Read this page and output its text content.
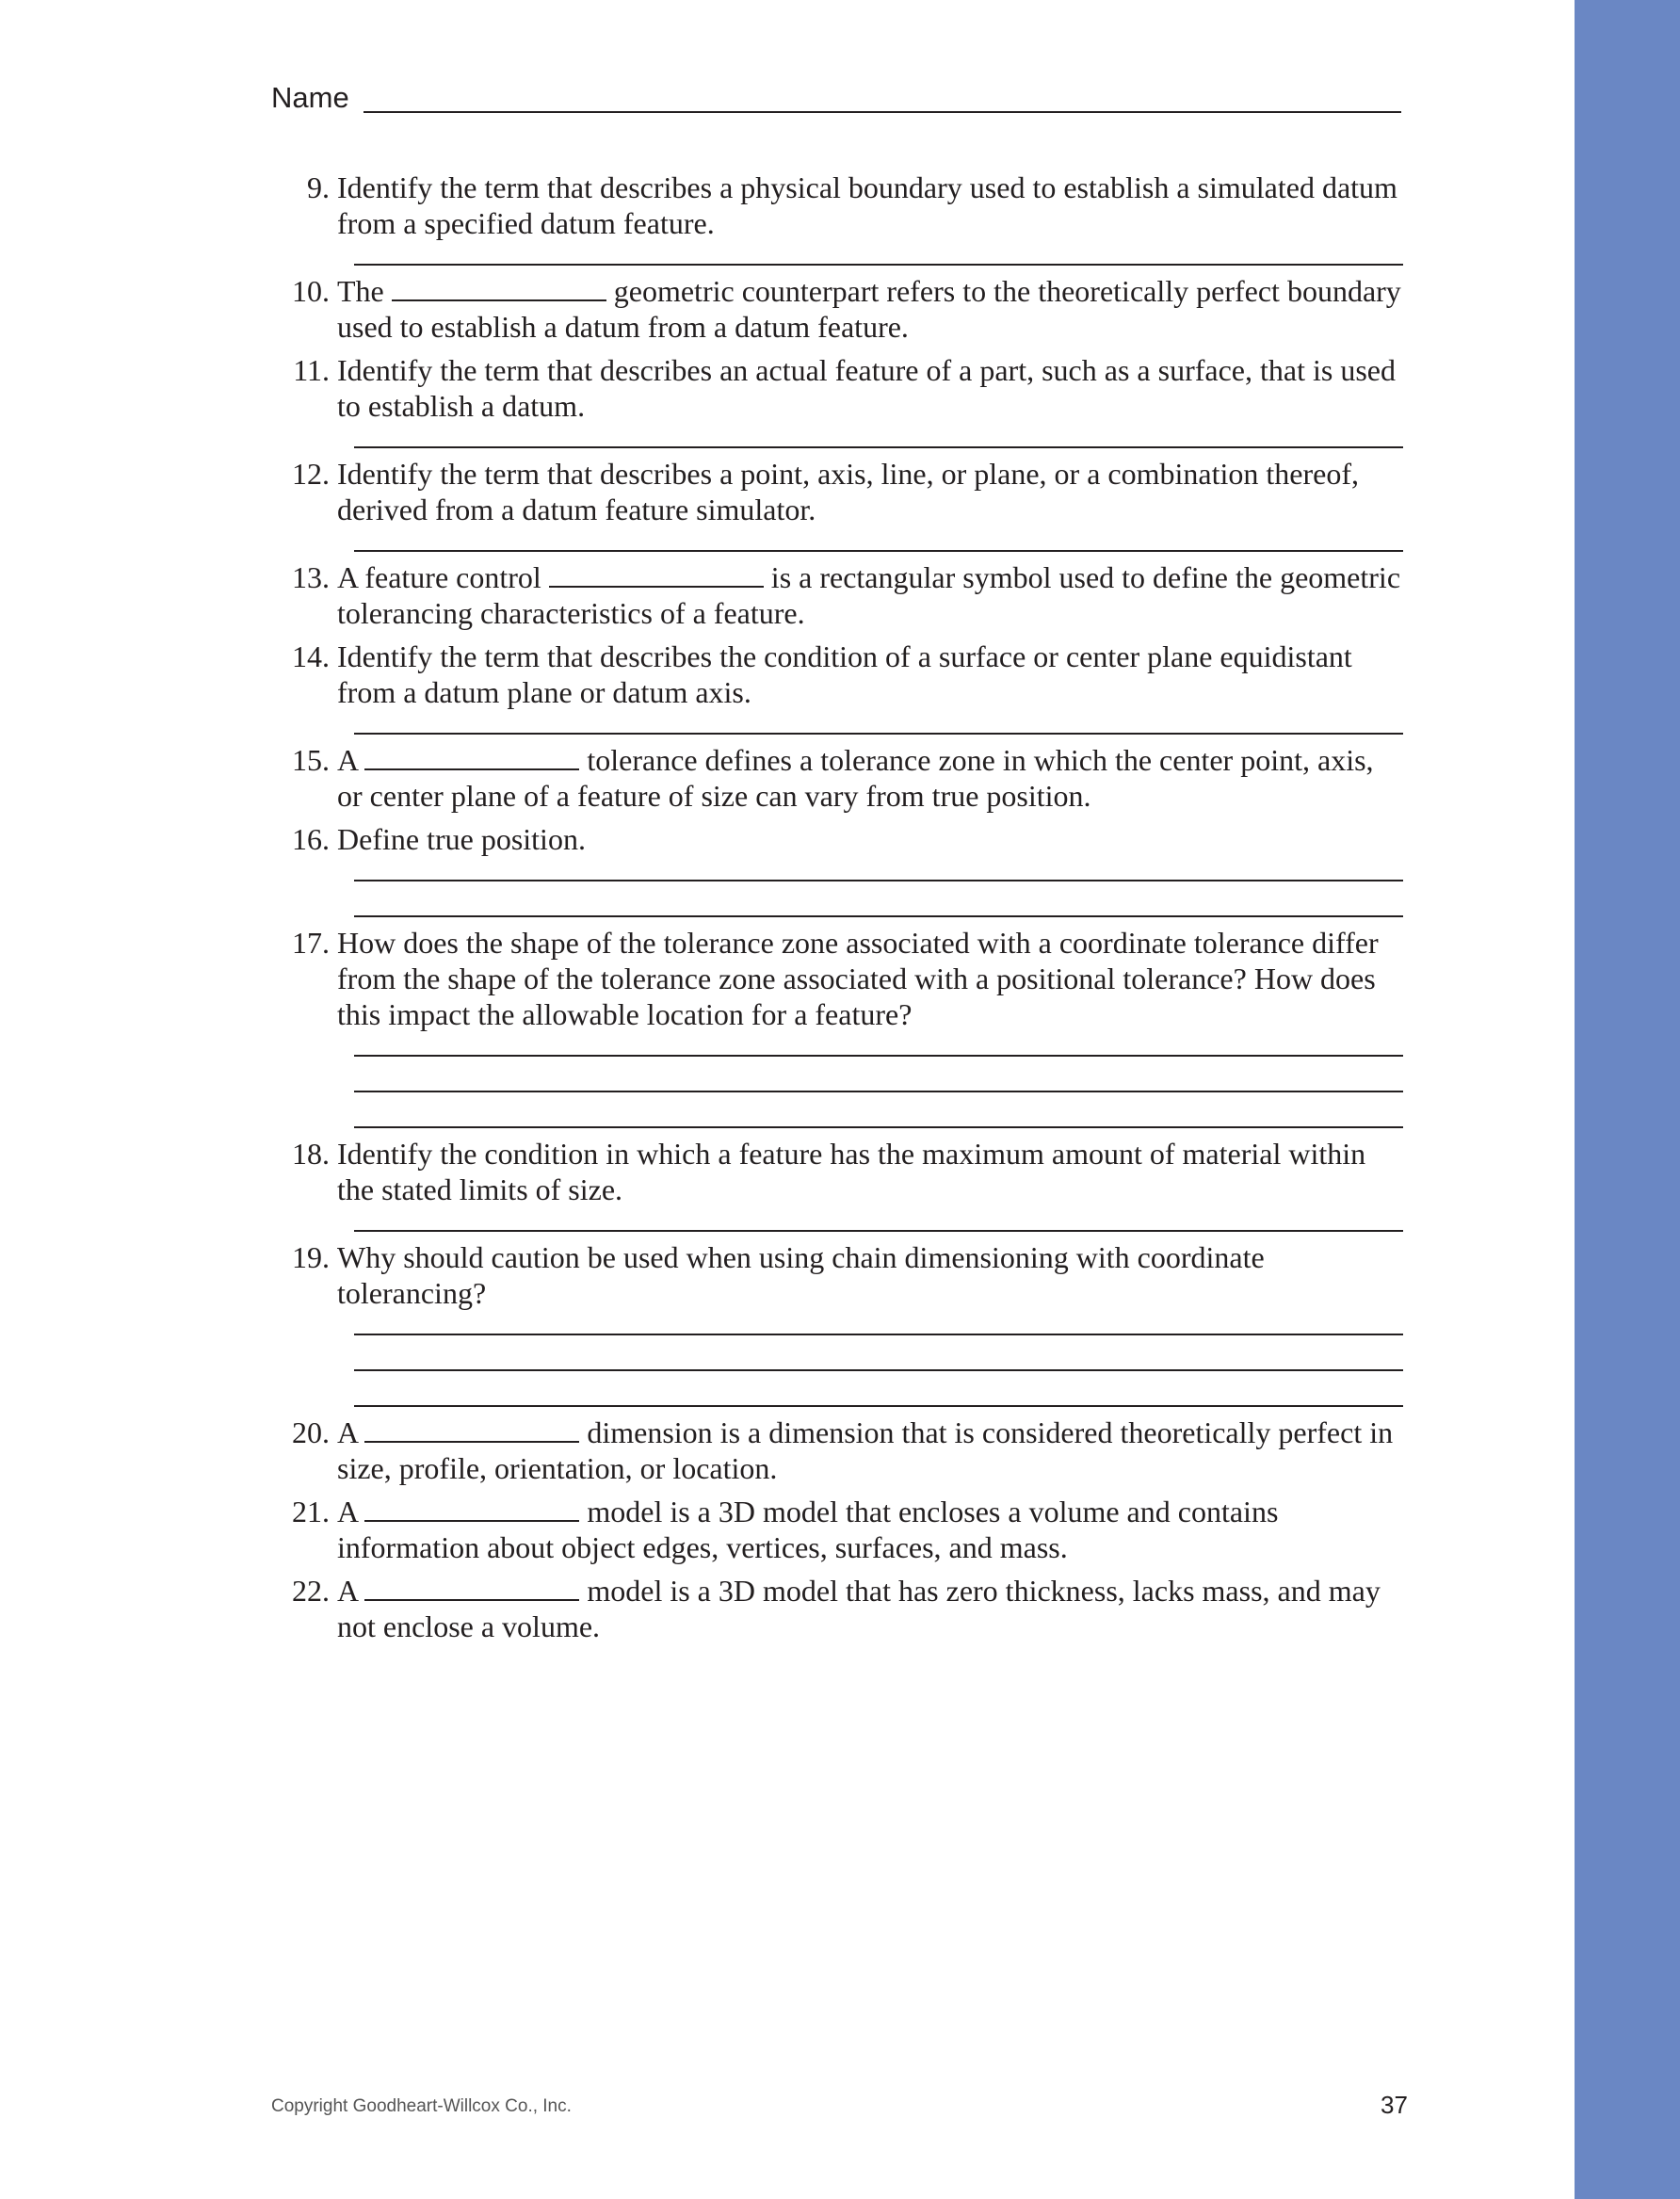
Name
9. Identify the term that describes a physical boundary used to establish a simulated datum from a specified datum feature.
10. The	geometric counterpart refers to the theoretically perfect boundary used to establish a datum from a datum feature.
11. Identify the term that describes an actual feature of a part, such as a surface, that is used to establish a datum.
12. Identify the term that describes a point, axis, line, or plane, or a combination thereof, derived from a datum feature simulator.
13. A feature control	is a rectangular symbol used to define the geometric tolerancing characteristics of a feature.
14. Identify the term that describes the condition of a surface or center plane equidistant from a datum plane or datum axis.
15. A	tolerance defines a tolerance zone in which the center point, axis, or center plane of a feature of size can vary from true position.
16. Define true position.
17. How does the shape of the tolerance zone associated with a coordinate tolerance differ from the shape of the tolerance zone associated with a positional tolerance? How does this impact the allowable location for a feature?
18. Identify the condition in which a feature has the maximum amount of material within the stated limits of size.
19. Why should caution be used when using chain dimensioning with coordinate tolerancing?
20. A	dimension is a dimension that is considered theoretically perfect in size, profile, orientation, or location.
21. A	model is a 3D model that encloses a volume and contains information about object edges, vertices, surfaces, and mass.
22. A	model is a 3D model that has zero thickness, lacks mass, and may not enclose a volume.
Copyright Goodheart-Willcox Co., Inc.	37
